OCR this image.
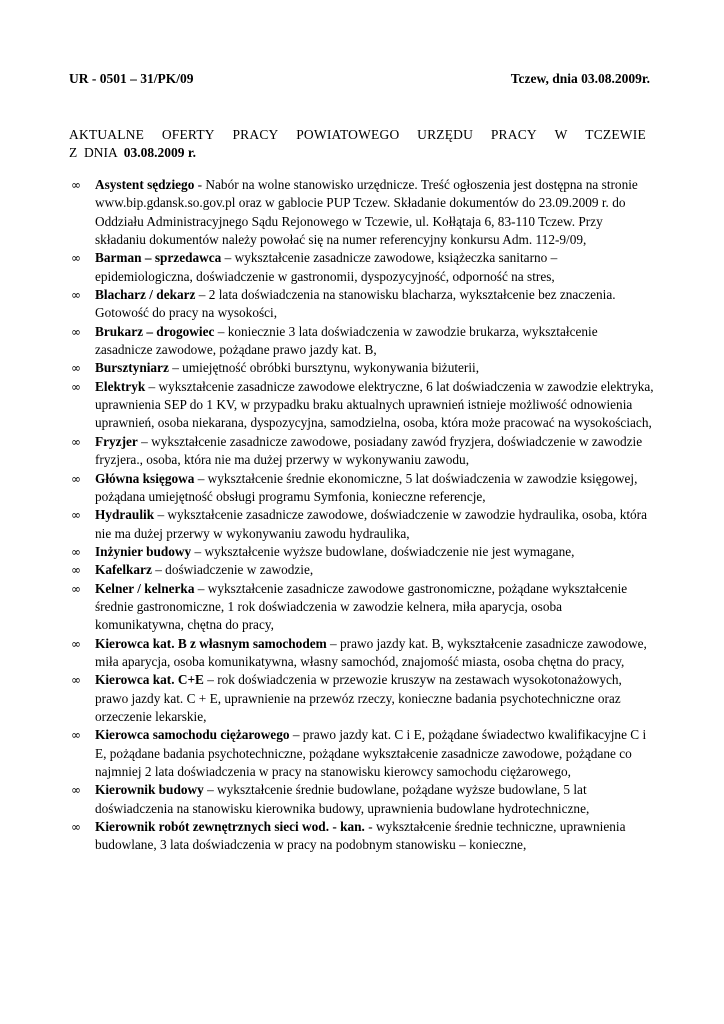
UR - 0501 – 31/PK/09	Tczew, dnia 03.08.2009r.
AKTUALNE OFERTY PRACY POWIATOWEGO URZĘDU PRACY W TCZEWIE
Z  DNIA  03.08.2009 r.
∞ Asystent sędziego - Nabór na wolne stanowisko urzędnicze. Treść ogłoszenia jest dostępna na stronie www.bip.gdansk.so.gov.pl oraz w gablocie PUP Tczew. Składanie dokumentów do 23.09.2009 r. do Oddziału Administracyjnego Sądu Rejonowego w Tczewie, ul. Kołłątaja 6, 83-110 Tczew. Przy składaniu dokumentów należy powołać się na numer referencyjny konkursu Adm. 112-9/09,
∞ Barman – sprzedawca – wykształcenie zasadnicze zawodowe, książeczka sanitarno – epidemiologiczna, doświadczenie w gastronomii, dyspozycyjność, odporność na stres,
∞ Blacharz / dekarz – 2 lata doświadczenia na stanowisku blacharza, wykształcenie bez znaczenia. Gotowość do pracy na wysokości,
∞ Brukarz – drogowiec – koniecznie 3 lata doświadczenia w zawodzie brukarza, wykształcenie zasadnicze zawodowe, pożądane prawo jazdy kat. B,
∞ Bursztyniarz – umiejętność obróbki bursztynu, wykonywania biżuterii,
∞ Elektryk – wykształcenie zasadnicze zawodowe elektryczne, 6 lat doświadczenia w zawodzie elektryka, uprawnienia SEP do 1 KV, w przypadku braku aktualnych uprawnień istnieje możliwość odnowienia uprawnień, osoba niekarana, dyspozycyjna, samodzielna, osoba, która może pracować na wysokościach,
∞ Fryzjer – wykształcenie zasadnicze zawodowe, posiadany zawód fryzjera, doświadczenie w zawodzie fryzjera., osoba, która nie ma dużej przerwy w wykonywaniu zawodu,
∞ Główna księgowa – wykształcenie średnie ekonomiczne, 5 lat doświadczenia w zawodzie księgowej, pożądana umiejętność obsługi programu Symfonia, konieczne referencje,
∞ Hydraulik – wykształcenie zasadnicze zawodowe, doświadczenie w zawodzie hydraulika, osoba, która nie ma dużej przerwy w wykonywaniu zawodu hydraulika,
∞ Inżynier budowy – wykształcenie wyższe budowlane, doświadczenie nie jest wymagane,
∞ Kafelkarz – doświadczenie w zawodzie,
∞ Kelner / kelnerka – wykształcenie zasadnicze zawodowe gastronomiczne, pożądane wykształcenie średnie gastronomiczne, 1 rok doświadczenia w zawodzie kelnera, miła aparycja, osoba komunikatywna, chętna do pracy,
∞ Kierowca kat. B z własnym samochodem – prawo jazdy kat. B, wykształcenie zasadnicze zawodowe, miła aparycja, osoba komunikatywna, własny samochód, znajomość miasta, osoba chętna do pracy,
∞ Kierowca kat. C+E – rok doświadczenia w przewozie kruszyw na zestawach wysokotonażowych, prawo jazdy kat. C + E, uprawnienie na przewóz rzeczy, konieczne badania psychotechniczne oraz orzeczenie lekarskie,
∞ Kierowca samochodu ciężarowego – prawo jazdy kat. C i E, pożądane świadectwo kwalifikacyjne C i E, pożądane badania psychotechniczne, pożądane wykształcenie zasadnicze zawodowe, pożądane co najmniej 2 lata doświadczenia w pracy na stanowisku kierowcy samochodu ciężarowego,
∞ Kierownik budowy – wykształcenie średnie budowlane, pożądane wyższe budowlane, 5 lat doświadczenia na stanowisku kierownika budowy, uprawnienia budowlane hydrotechniczne,
∞ Kierownik robót zewnętrznych sieci wod. - kan. - wykształcenie średnie techniczne, uprawnienia budowlane, 3 lata doświadczenia w pracy na podobnym stanowisku – konieczne,
